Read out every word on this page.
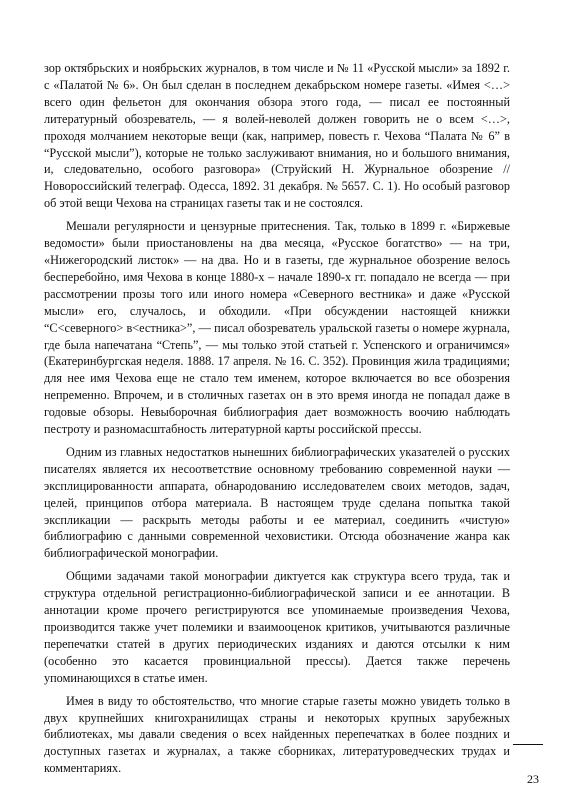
зор октябрьских и ноябрьских журналов, в том числе и № 11 «Русской мысли» за 1892 г. с «Палатой № 6». Он был сделан в последнем декабрьском номере газеты. «Имея <…> всего один фельетон для окончания обзора этого года, — писал ее постоянный литературный обозреватель, — я волей-неволей должен говорить не о всем <…>, проходя молчанием некоторые вещи (как, например, повесть г. Чехова “Палата № 6” в “Русской мысли”), которые не только заслуживают внимания, но и большого внимания, и, следовательно, особого разговора» (Струйский Н. Журнальное обозрение // Новороссийский телеграф. Одесса, 1892. 31 декабря. № 5657. С. 1). Но особый разговор об этой вещи Чехова на страницах газеты так и не состоялся.

Мешали регулярности и цензурные притеснения. Так, только в 1899 г. «Биржевые ведомости» были приостановлены на два месяца, «Русское богатство» — на три, «Нижегородский листок» — на два. Но и в газеты, где журнальное обозрение велось бесперебойно, имя Чехова в конце 1880-х – начале 1890-х гг. попадало не всегда — при рассмотрении прозы того или иного номера «Северного вестника» и даже «Русской мысли» его, случалось, и обходили. «При обсуждении настоящей книжки “С<северного> в<естника>”, — писал обозреватель уральской газеты о номере журнала, где была напечатана “Степь”, — мы только этой статьей г. Успенского и ограничимся» (Екатеринбургская неделя. 1888. 17 апреля. № 16. С. 352). Провинция жила традициями; для нее имя Чехова еще не стало тем именем, которое включается во все обозрения непременно. Впрочем, и в столичных газетах он в это время иногда не попадал даже в годовые обзоры. Невыборочная библиография дает возможность воочию наблюдать пестроту и разномасштабность литературной карты российской прессы.

Одним из главных недостатков нынешних библиографических указателей о русских писателях является их несоответствие основному требованию современной науки — эксплицированности аппарата, обнародованию исследователем своих методов, задач, целей, принципов отбора материала. В настоящем труде сделана попытка такой экспликации — раскрыть методы работы и ее материал, соединить «чистую» библиографию с данными современной чеховистики. Отсюда обозначение жанра как библиографической монографии.

Общими задачами такой монографии диктуется как структура всего труда, так и структура отдельной регистрационно-библиографической записи и ее аннотации. В аннотации кроме прочего регистрируются все упоминаемые произведения Чехова, производится также учет полемики и взаимооценок критиков, учитываются различные перепечатки статей в других периодических изданиях и даются отсылки к ним (особенно это касается провинциальной прессы). Дается также перечень упоминающихся в статье имен.

Имея в виду то обстоятельство, что многие старые газеты можно увидеть только в двух крупнейших книгохранилищах страны и некоторых крупных зарубежных библиотеках, мы давали сведения о всех найденных перепечатках в более поздних и доступных газетах и журналах, а также сборниках, литературоведческих трудах и комментариях.

23
